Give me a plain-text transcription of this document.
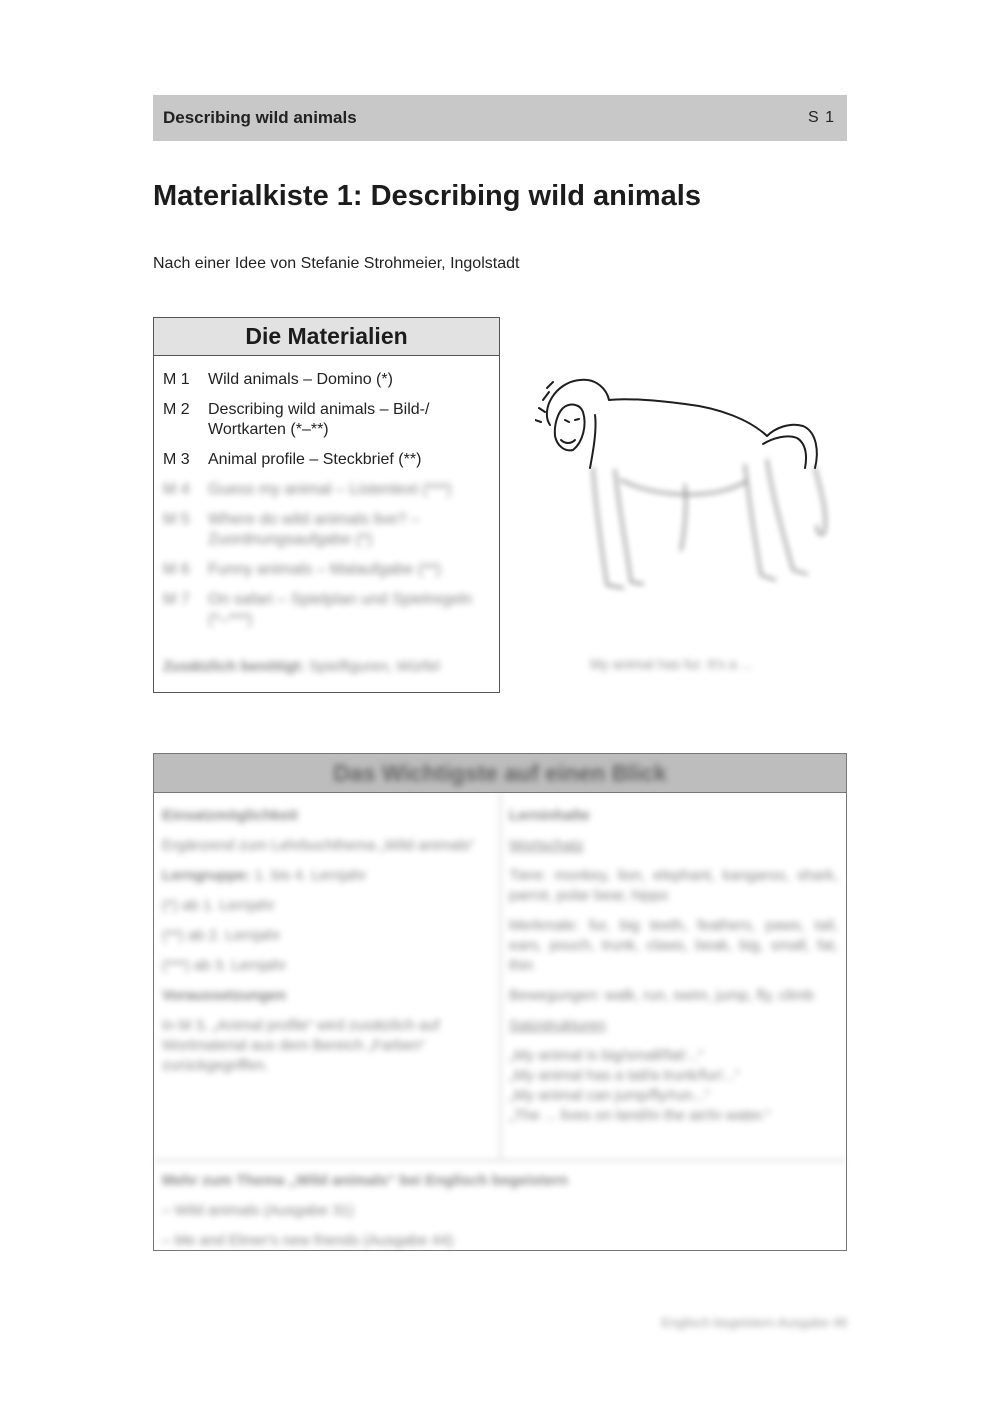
Describing wild animals	S 1
Materialkiste 1: Describing wild animals
Nach einer Idee von Stefanie Strohmeier, Ingolstadt
Die Materialien
M 1	Wild animals – Domino (*)
M 2	Describing wild animals – Bild-/ Wortkarten (*–**)
M 3	Animal profile – Steckbrief (**)
M 4	Guess my animal – Listentext (***)
M 5	Where do wild animals live? – Zuordnungsaufgabe (*)
M 6	Funny animals – Malaufgabe (**)
M 7	On safari – Spielplan und Spielregeln (*–***)
Zusätzlich benötigt: Spielfiguren, Würfel	My animal has fur. It's a ...
Das Wichtigste auf einen Blick
Einsatzmöglichkeit

Ergänzend zum Lehrbuchthema „Wild animals“

Lerngruppe: 1. bis 4. Lernjahr

(*) ab 1. Lernjahr

(**) ab 2. Lernjahr

(***) ab 3. Lernjahr

Voraussetzungen

In M 3, „Animal profile“ wird zusätzlich auf Wortmaterial aus dem Bereich „Farben“ zurückgegriffen.

Lerninhalte

Wortschatz

Tiere: monkey, lion, elephant, kangaroo, shark, parrot, polar bear, hippo

Merkmale: fur, big teeth, feathers, paws, tail, ears, pouch, trunk, claws, beak, big, small, fat, thin

Bewegungen: walk, run, swim, jump, fly, climb

Satzstrukturen

„My animal is big/small/fat/...“
„My animal has a tail/a trunk/fur/...“
„My animal can jump/fly/run...“
„The ... lives on land/in the air/in water.“

Mehr zum Thema „Wild animals“ bei Englisch begeistern

– Wild animals (Ausgabe 31)

– Me and Elmer's new friends (Ausgabe 44)

Englisch begeistern Ausgabe 48
